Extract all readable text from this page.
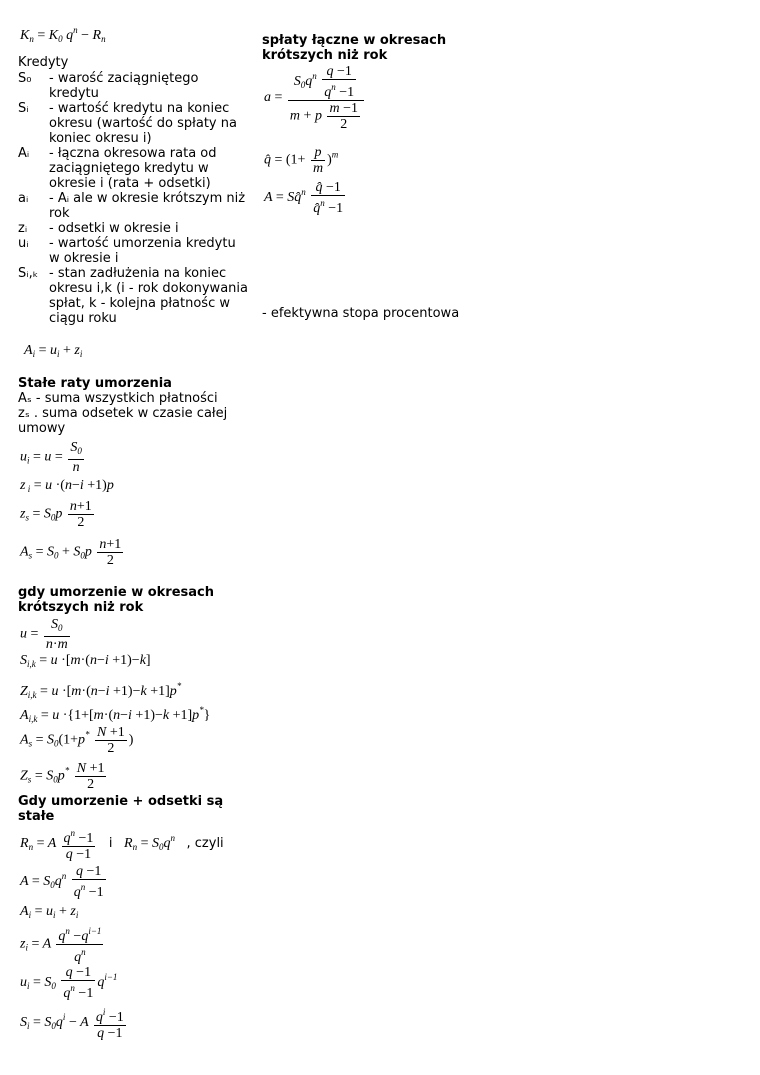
$K_n = K_0$ $q^n - R_n$
Kredyty
S₀ - warość zaciągniętego kredytu
Sᵢ - wartość kredytu na koniec okresu (wartość do spłaty na koniec okresu i)
Aᵢ - łączna okresowa rata od zaciągniętego kredytu w okresie i (rata + odsetki)
aᵢ - Aᵢ ale w okresie krótszym niż rok
zᵢ - odsetki w okresie i
uᵢ - wartość umorzenia kredytu w okresie i
Sᵢ,ₖ - stan zadłużenia na koniec okresu i,k (i - rok dokonywania spłat, k - kolejna płatnośc w ciągu roku
$A_i = u_i + z_i$
Stałe raty umorzenia
Aₛ - suma wszystkich płatności
zₛ . suma odsetek w czasie całej
umowy
$u_i = u = \frac{S_0}{n}$
z $_i$ = u ·(n−i +1)p
$z_s = S_0p \frac{n+1}{2}$
$A_s = S_0 + S_0p \frac{n+1}{2}$
gdy umorzenie w okresach
krótszych niż rok
$u = \frac{S_0}{n\cdot m}$
$S_{i,k} = u \cdot[m\cdot(n-i +1)-k]$
$Z_{i,k} = u \cdot[m\cdot(n-i +1)-k +1]p^*$
$A_{i,k} = u \cdot\{1+[m\cdot(n-i +1)-k +1]p^*\}$
$A_s = S_0(1+p^* \frac{N +1}{2}$ )
$Z_s = S_0p^* \frac{N +1}{2}$
Gdy umorzenie + odsetki są
stałe
$R_n = A \frac{q^n -1}{q -1}$ i $R_n = S_0q^n$ , czyli
$A = S_0q^n \frac{q -1}{q^n -1}$
$A_i = u_i + z_i$
$z_i = A \frac{q^n -q^{i-1}}{q^n}$
$u_i = S_0 \frac{q -1}{q^n -1} q^{i-1}$
$S_i = S_0q^i - A \frac{q^i -1}{q -1}$
spłaty łączne w okresach
krótszych niż rok
$a = \frac{S_0q^n \frac{q -1}{q^n -1}}{m + p \frac{m -1}{2}}$
q̂ = $(1+ \frac{p}{m} )^m$
A = Sq̂$^n$ $\frac{q̂ -1}{q̂^n -1}$
- efektywna stopa procentowa
